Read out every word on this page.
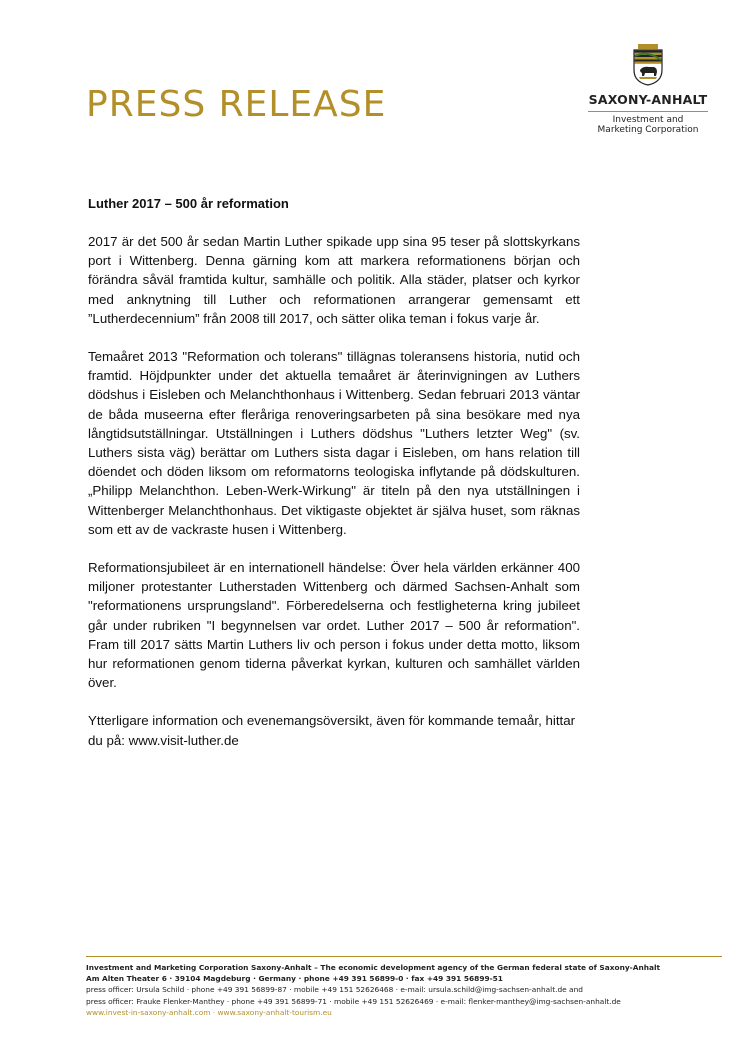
PRESS RELEASE	SAXONY-ANHALT
Investment and
Marketing Corporation

Luther 2017 – 500 år reformation

2017 är det 500 år sedan Martin Luther spikade upp sina 95 teser på slottskyrkans port i Wittenberg. Denna gärning kom att markera reformationens början och förändra såväl framtida kultur, samhälle och politik. Alla städer, platser och kyrkor med anknytning till Luther och reformationen arrangerar gemensamt ett ”Lutherdecennium” från 2008 till 2017, och sätter olika teman i fokus varje år.

Temaåret 2013 "Reformation och tolerans" tillägnas toleransens historia, nutid och framtid. Höjdpunkter under det aktuella temaåret är återinvigningen av Luthers dödshus i Eisleben och Melanchthonhaus i Wittenberg. Sedan februari 2013 väntar de båda museerna efter fleråriga renoveringsarbeten på sina besökare med nya långtidsutställningar. Utställningen i Luthers dödshus "Luthers letzter Weg" (sv. Luthers sista väg) berättar om Luthers sista dagar i Eisleben, om hans relation till döendet och döden liksom om reformatorns teologiska inflytande på dödskulturen. „Philipp Melanchthon. Leben-Werk-Wirkung" är titeln på den nya utställningen i Wittenberger Melanchthonhaus. Det viktigaste objektet är själva huset, som räknas som ett av de vackraste husen i Wittenberg.

Reformationsjubileet är en internationell händelse: Över hela världen erkänner 400 miljoner protestanter Lutherstaden Wittenberg och därmed Sachsen-Anhalt som "reformationens ursprungsland". Förberedelserna och festligheterna kring jubileet går under rubriken "I begynnelsen var ordet. Luther 2017 – 500 år reformation". Fram till 2017 sätts Martin Luthers liv och person i fokus under detta motto, liksom hur reformationen genom tiderna påverkat kyrkan, kulturen och samhället världen över.

Ytterligare information och evenemangsöversikt, även för kommande temaår, hittar du på: www.visit-luther.de

Investment and Marketing Corporation Saxony-Anhalt – The economic development agency of the German federal state of Saxony-Anhalt
Am Alten Theater 6 · 39104 Magdeburg · Germany · phone +49 391 56899-0 · fax +49 391 56899-51
press officer: Ursula Schild · phone +49 391 56899-87 · mobile +49 151 52626468 · e-mail: ursula.schild@img-sachsen-anhalt.de and
press officer: Frauke Flenker-Manthey · phone +49 391 56899-71 · mobile +49 151 52626469 · e-mail: flenker-manthey@img-sachsen-anhalt.de
www.invest-in-saxony-anhalt.com · www.saxony-anhalt-tourism.eu
